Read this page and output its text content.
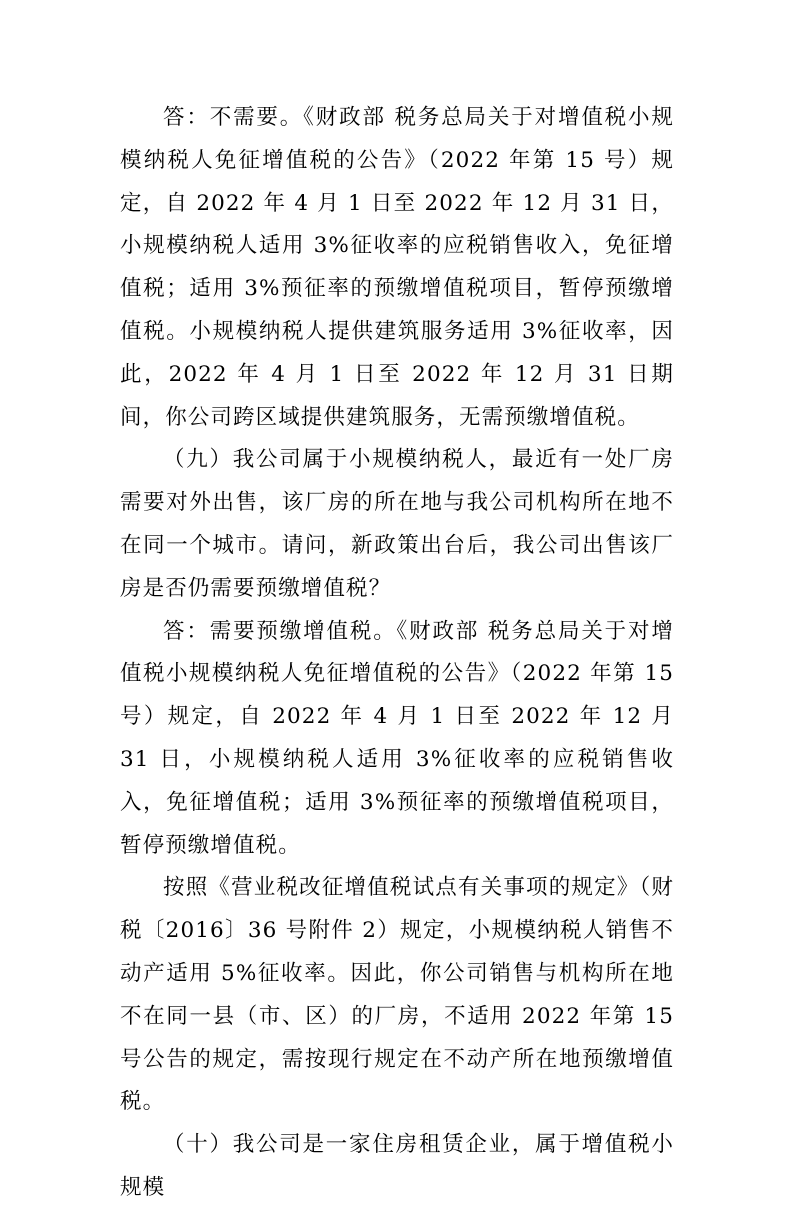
答：不需要。《财政部 税务总局关于对增值税小规模纳税人免征增值税的公告》（2022 年第 15 号）规定，自 2022 年 4 月 1 日至 2022 年 12 月 31 日，小规模纳税人适用 3%征收率的应税销售收入，免征增值税；适用 3%预征率的预缴增值税项目，暂停预缴增值税。小规模纳税人提供建筑服务适用 3%征收率，因此，2022 年 4 月 1 日至 2022 年 12 月 31 日期间，你公司跨区域提供建筑服务，无需预缴增值税。

（九）我公司属于小规模纳税人，最近有一处厂房需要对外出售，该厂房的所在地与我公司机构所在地不在同一个城市。请问，新政策出台后，我公司出售该厂房是否仍需要预缴增值税？

答：需要预缴增值税。《财政部 税务总局关于对增值税小规模纳税人免征增值税的公告》（2022 年第 15 号）规定，自 2022 年 4 月 1 日至 2022 年 12 月 31 日，小规模纳税人适用 3%征收率的应税销售收入，免征增值税；适用 3%预征率的预缴增值税项目，暂停预缴增值税。

按照《营业税改征增值税试点有关事项的规定》（财税〔2016〕36 号附件 2）规定，小规模纳税人销售不动产适用 5%征收率。因此，你公司销售与机构所在地不在同一县（市、区）的厂房，不适用 2022 年第 15 号公告的规定，需按现行规定在不动产所在地预缴增值税。

（十）我公司是一家住房租赁企业，属于增值税小规模
